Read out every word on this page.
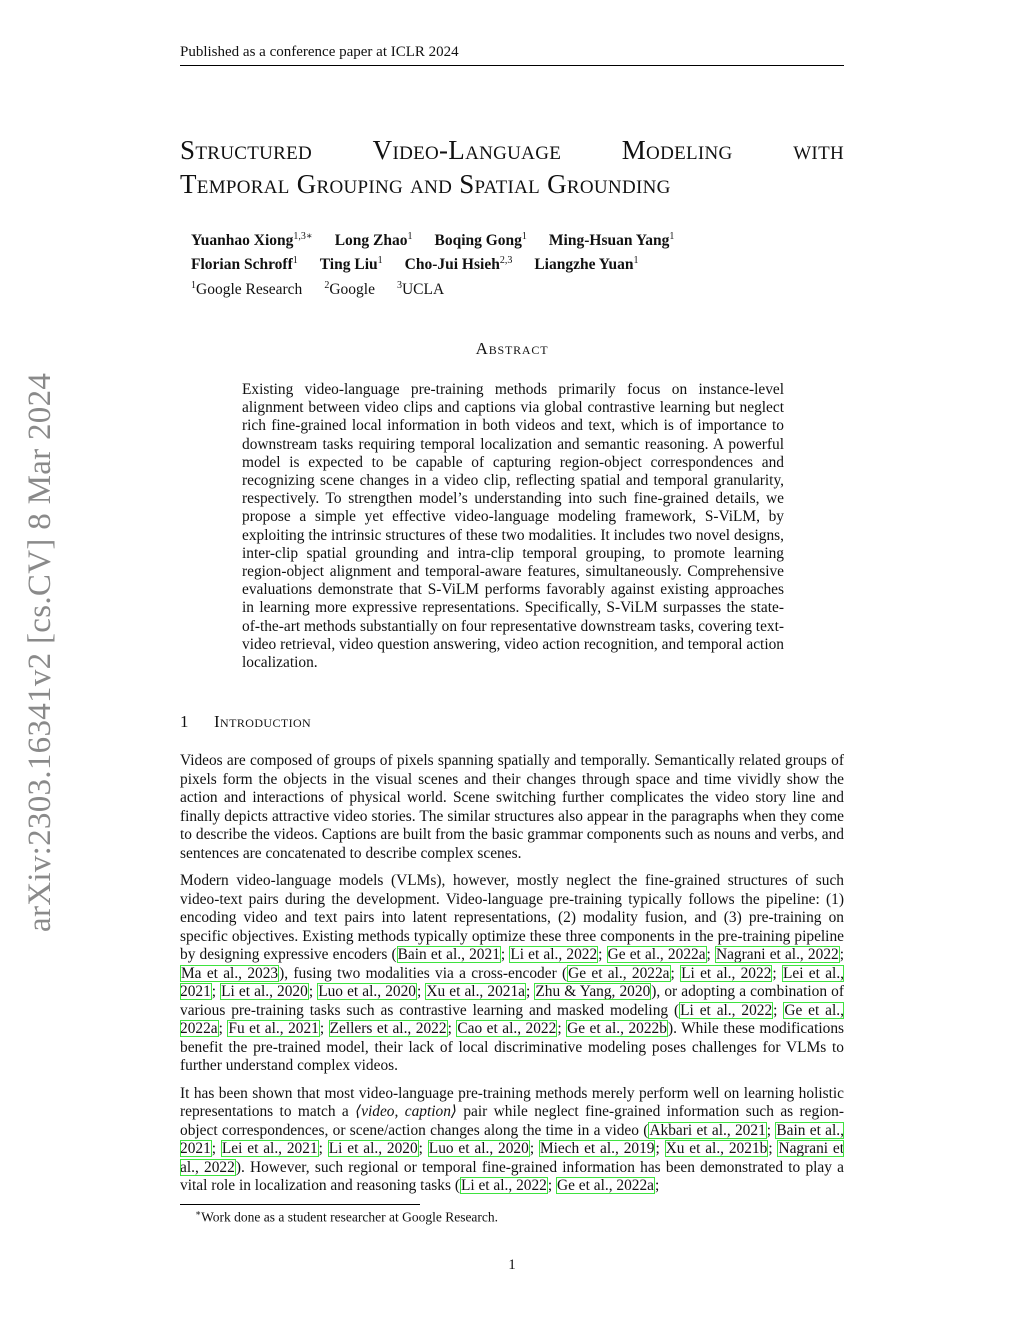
Published as a conference paper at ICLR 2024
arXiv:2303.16341v2 [cs.CV] 8 Mar 2024
Structured Video-Language Modeling with
Temporal Grouping and Spatial Grounding
Yuanhao Xiong$^{1,3∗}$ Long Zhao$^1$ Boqing Gong$^1$ Ming-Hsuan Yang$^1$
Florian Schroff$^1$ Ting Liu$^1$ Cho-Jui Hsieh$^{2,3}$ Liangzhe Yuan$^1$
$^1$Google Research $^2$Google $^3$UCLA
Abstract
Existing video-language pre-training methods primarily focus on instance-level alignment between video clips and captions via global contrastive learning but neglect rich fine-grained local information in both videos and text, which is of importance to downstream tasks requiring temporal localization and semantic reasoning. A powerful model is expected to be capable of capturing region-object correspondences and recognizing scene changes in a video clip, reflecting spatial and temporal granularity, respectively. To strengthen model’s understanding into such fine-grained details, we propose a simple yet effective video-language modeling framework, S-ViLM, by exploiting the intrinsic structures of these two modalities. It includes two novel designs, inter-clip spatial grounding and intra-clip temporal grouping, to promote learning region-object alignment and temporal-aware features, simultaneously. Comprehensive evaluations demonstrate that S-ViLM performs favorably against existing approaches in learning more expressive representations. Specifically, S-ViLM surpasses the state-of-the-art methods substantially on four representative downstream tasks, covering text-video retrieval, video question answering, video action recognition, and temporal action localization.
1 Introduction

Videos are composed of groups of pixels spanning spatially and temporally. Semantically related groups of pixels form the objects in the visual scenes and their changes through space and time vividly show the action and interactions of physical world. Scene switching further complicates the video story line and finally depicts attractive video stories. The similar structures also appear in the paragraphs when they come to describe the videos. Captions are built from the basic grammar components such as nouns and verbs, and sentences are concatenated to describe complex scenes.

Modern video-language models (VLMs), however, mostly neglect the fine-grained structures of such video-text pairs during the development. Video-language pre-training typically follows the pipeline: (1) encoding video and text pairs into latent representations, (2) modality fusion, and (3) pre-training on specific objectives. Existing methods typically optimize these three components in the pre-training pipeline by designing expressive encoders (Bain et al., 2021; Li et al., 2022; Ge et al., 2022a; Nagrani et al., 2022; Ma et al., 2023), fusing two modalities via a cross-encoder (Ge et al., 2022a; Li et al., 2022; Lei et al., 2021; Li et al., 2020; Luo et al., 2020; Xu et al., 2021a; Zhu & Yang, 2020), or adopting a combination of various pre-training tasks such as contrastive learning and masked modeling (Li et al., 2022; Ge et al., 2022a; Fu et al., 2021; Zellers et al., 2022; Cao et al., 2022; Ge et al., 2022b). While these modifications benefit the pre-trained model, their lack of local discriminative modeling poses challenges for VLMs to further understand complex videos.

It has been shown that most video-language pre-training methods merely perform well on learning holistic representations to match a ⟨video, caption⟩ pair while neglect fine-grained information such as region-object correspondences, or scene/action changes along the time in a video (Akbari et al., 2021; Bain et al., 2021; Lei et al., 2021; Li et al., 2020; Luo et al., 2020; Miech et al., 2019; Xu et al., 2021b; Nagrani et al., 2022). However, such regional or temporal fine-grained information has been demonstrated to play a vital role in localization and reasoning tasks (Li et al., 2022; Ge et al., 2022a;

∗Work done as a student researcher at Google Research.
1
